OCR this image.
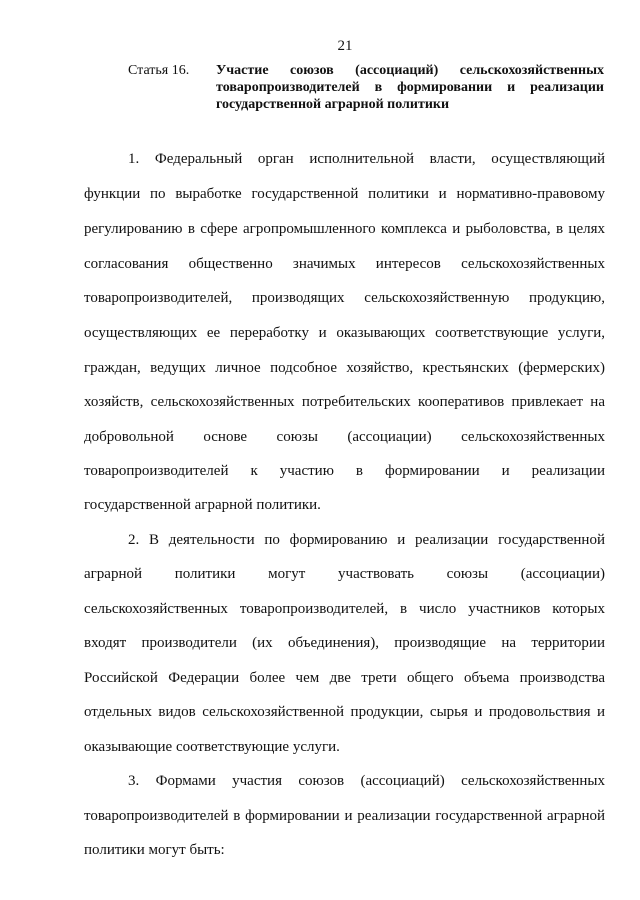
21
Статья 16. Участие союзов (ассоциаций) сельскохозяйственных
товаропроизводителей в формировании и реализации
государственной аграрной политики
1. Федеральный орган исполнительной власти, осуществляющий
функции по выработке государственной политики и нормативно-правовому
регулированию в сфере агропромышленного комплекса и рыболовства, в целях
согласования общественно значимых интересов сельскохозяйственных
товаропроизводителей, производящих сельскохозяйственную продукцию,
осуществляющих ее переработку и оказывающих соответствующие услуги,
граждан, ведущих личное подсобное хозяйство, крестьянских (фермерских)
хозяйств, сельскохозяйственных потребительских кооперативов привлекает на
добровольной основе союзы (ассоциации) сельскохозяйственных
товаропроизводителей к участию в формировании и реализации
государственной аграрной политики.
2. В деятельности по формированию и реализации государственной
аграрной политики могут участвовать союзы (ассоциации)
сельскохозяйственных товаропроизводителей, в число участников которых
входят производители (их объединения), производящие на территории
Российской Федерации более чем две трети общего объема производства
отдельных видов сельскохозяйственной продукции, сырья и продовольствия и
оказывающие соответствующие услуги.
3. Формами участия союзов (ассоциаций) сельскохозяйственных
товаропроизводителей в формировании и реализации государственной аграрной
политики могут быть:
